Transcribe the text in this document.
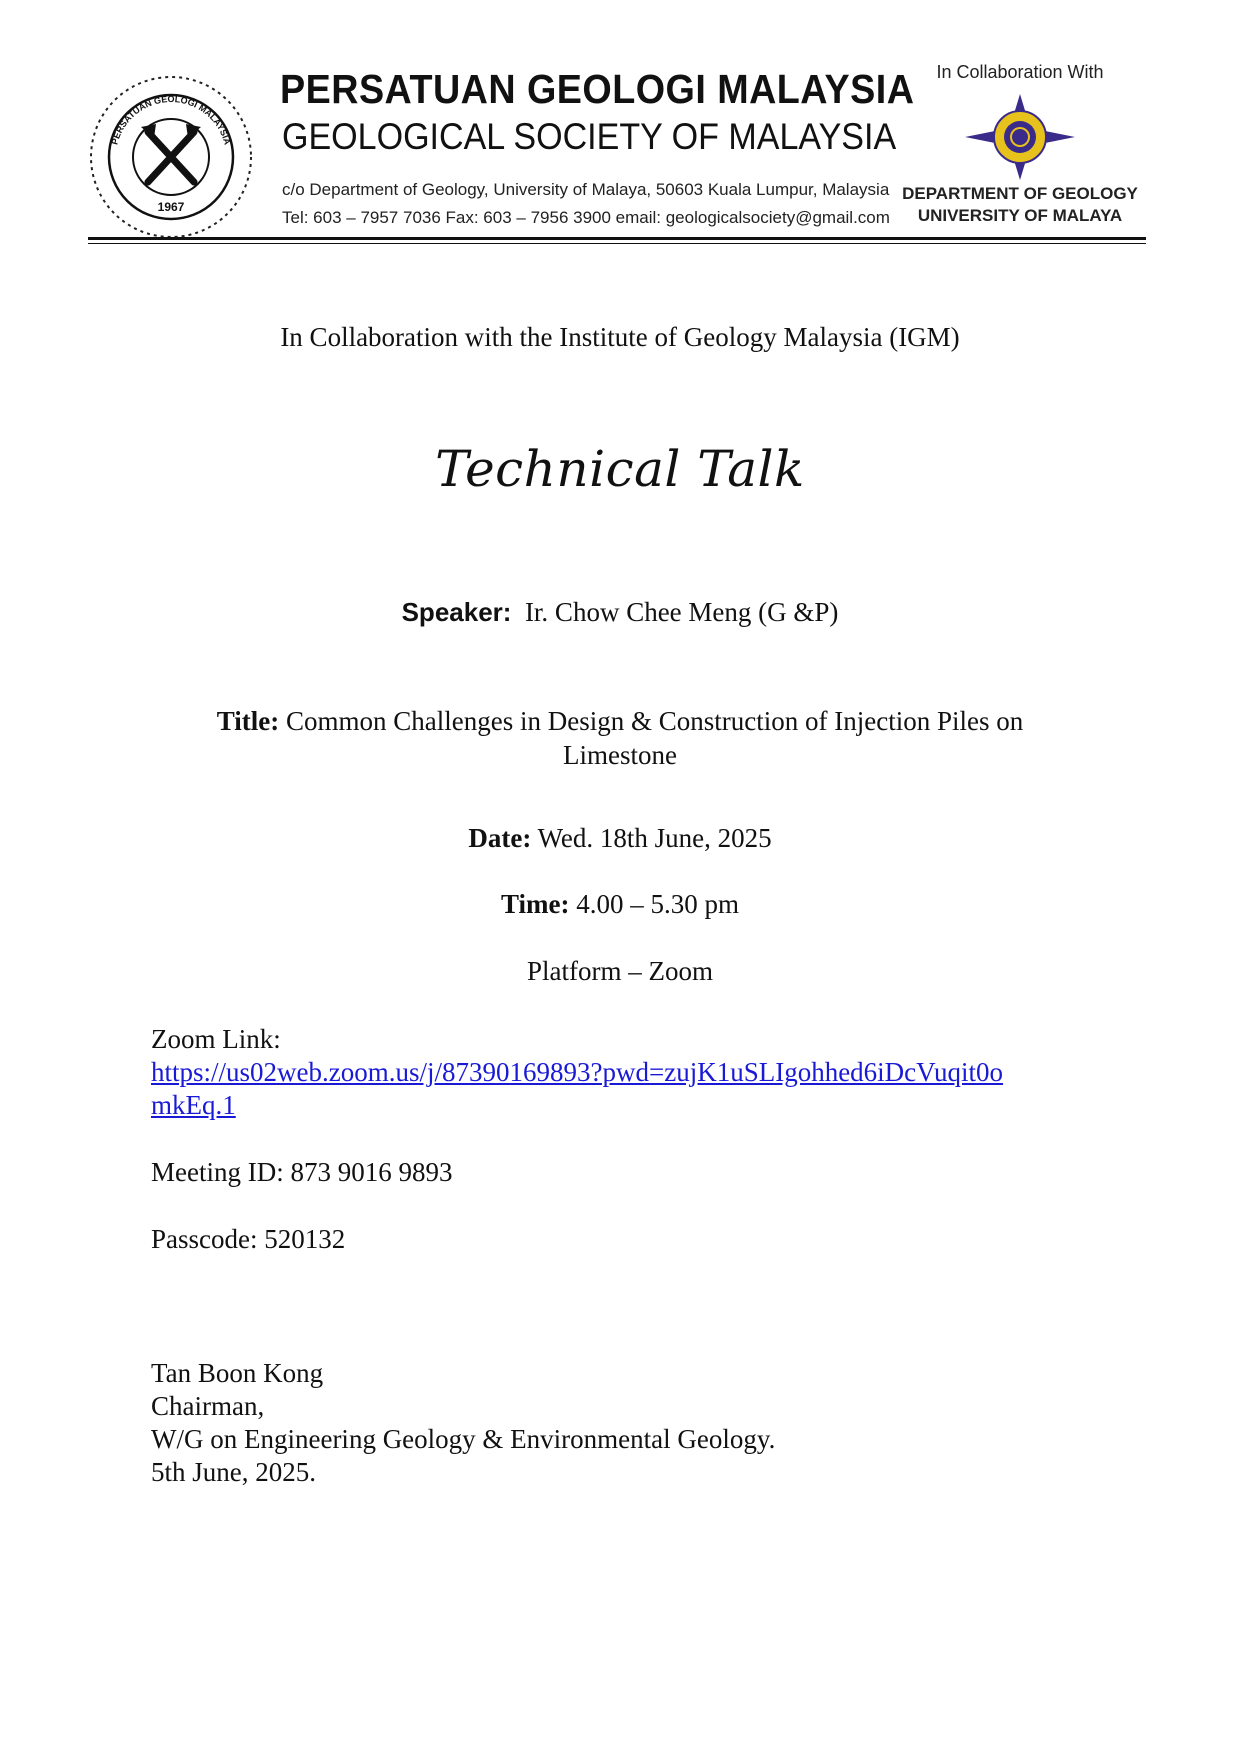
1967
PERSATUAN GEOLOGI MALAYSIA
PERSATUAN GEOLOGI MALAYSIA
GEOLOGICAL SOCIETY OF MALAYSIA
c/o Department of Geology, University of Malaya, 50603 Kuala Lumpur, Malaysia
Tel: 603 – 7957 7036 Fax: 603 – 7956 3900 email: geologicalsociety@gmail.com
In Collaboration With
DEPARTMENT OF GEOLOGY
UNIVERSITY OF MALAYA
In Collaboration with the Institute of Geology Malaysia (IGM)
Technical Talk
Speaker: Ir. Chow Chee Meng (G &P)
Title: Common Challenges in Design & Construction of Injection Piles on
Limestone
Date: Wed. 18th June, 2025
Time: 4.00 – 5.30 pm
Platform – Zoom
Zoom Link:
https://us02web.zoom.us/j/87390169893?pwd=zujK1uSLIgohhed6iDcVuqit0o
mkEq.1
Meeting ID: 873 9016 9893
Passcode: 520132
Tan Boon Kong
Chairman,
W/G on Engineering Geology & Environmental Geology.
5th June, 2025.
